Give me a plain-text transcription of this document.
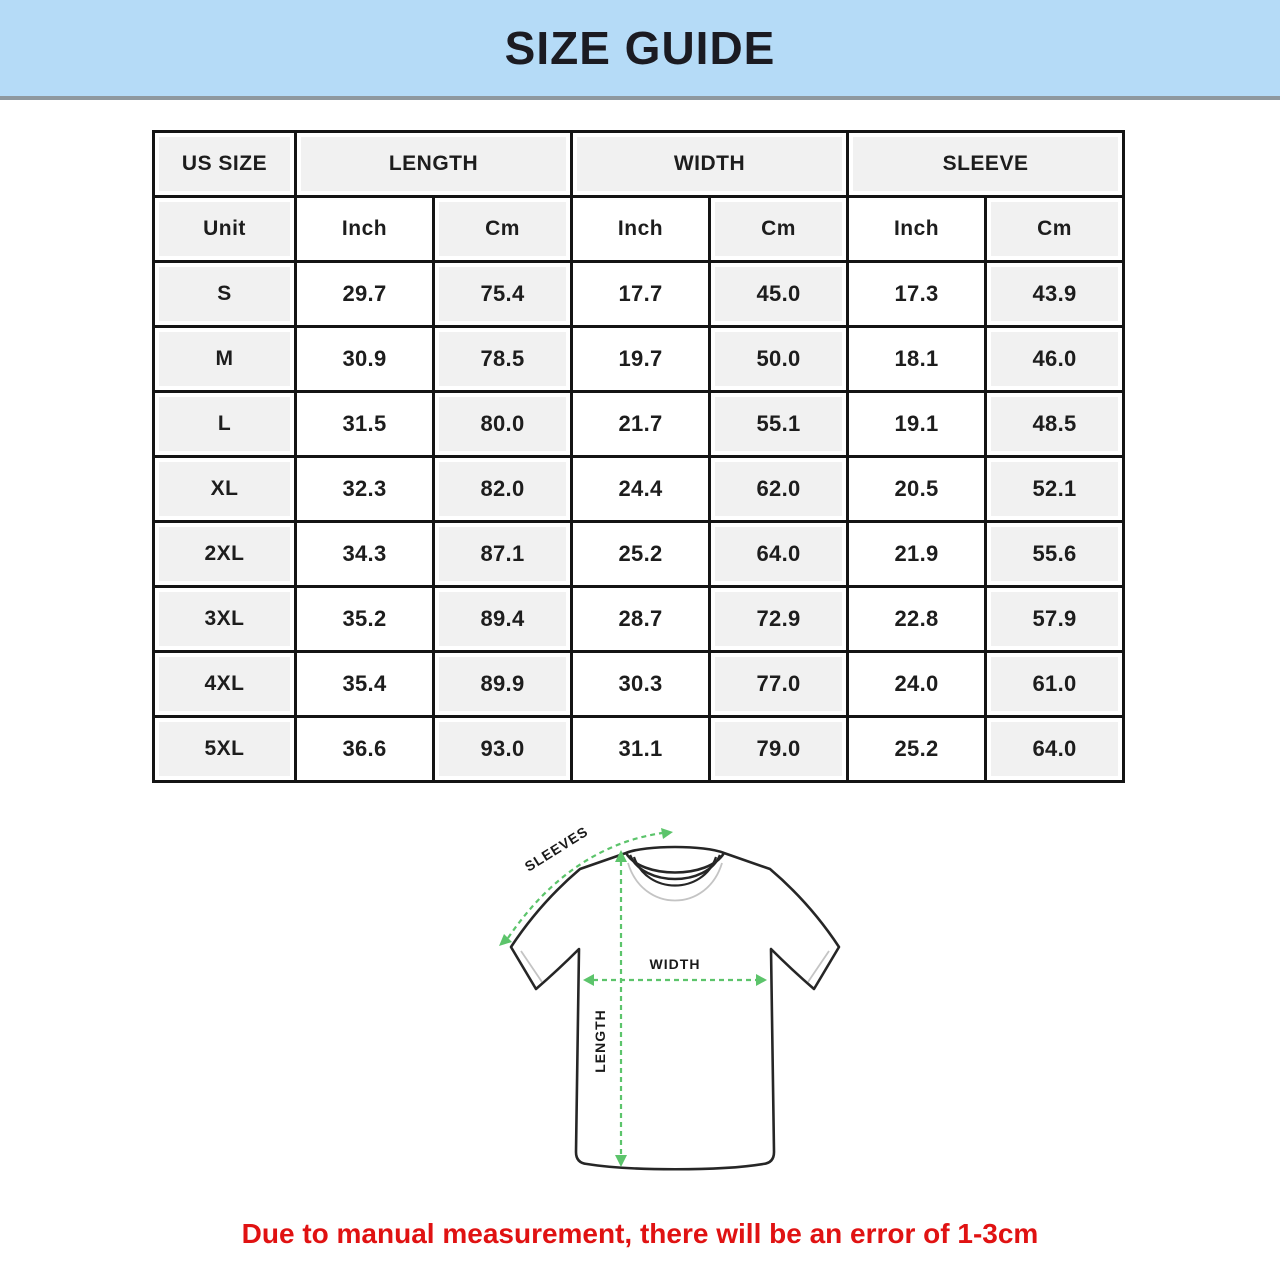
SIZE GUIDE
US SIZE	LENGTH		WIDTH		SLEEVE	

Unit	Inch	Cm	Inch	Cm	Inch	Cm

S	29.7	75.4	17.7	45.0	17.3	43.9

M	30.9	78.5	19.7	50.0	18.1	46.0

L	31.5	80.0	21.7	55.1	19.1	48.5

XL	32.3	82.0	24.4	62.0	20.5	52.1

2XL	34.3	87.1	25.2	64.0	21.9	55.6

3XL	35.2	89.4	28.7	72.9	22.8	57.9

4XL	35.4	89.9	30.3	77.0	24.0	61.0

5XL	36.6	93.0	31.1	79.0	25.2	64.0
SLEEVES
WIDTH
LENGTH
Due to manual measurement, there will be an error of 1-3cm
